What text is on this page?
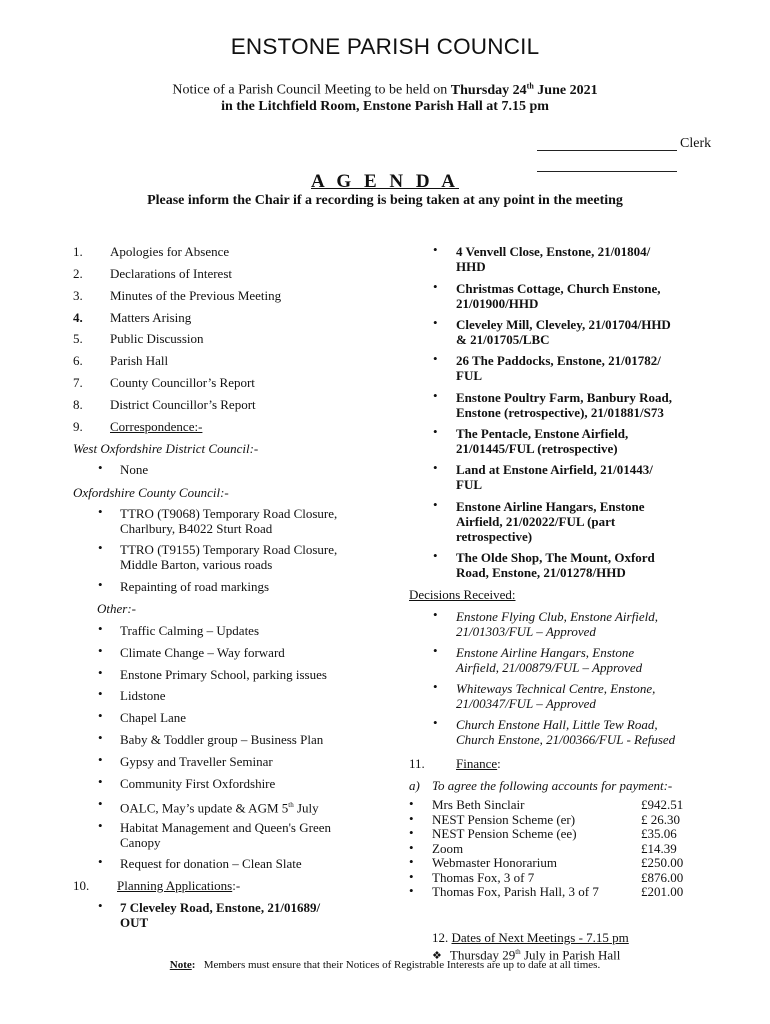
ENSTONE PARISH COUNCIL
Notice of a Parish Council Meeting to be held on Thursday 24th June 2021
in the Litchfield Room, Enstone Parish Hall at 7.15 pm
Clerk
A G E N D A
Please inform the Chair if a recording is being taken at any point in the meeting
1. Apologies for Absence
2. Declarations of Interest
3. Minutes of the Previous Meeting
4. Matters Arising
5. Public Discussion
6. Parish Hall
7. County Councillor’s Report
8. District Councillor’s Report
9. Correspondence:-
West Oxfordshire District Council:-
• None
Oxfordshire County Council:-
• TTRO (T9068) Temporary Road Closure,
Charlbury, B4022 Sturt Road
• TTRO (T9155) Temporary Road Closure,
Middle Barton, various roads
• Repainting of road markings
Other:-
• Traffic Calming – Updates
• Climate Change – Way forward
• Enstone Primary School, parking issues
• Lidstone
• Chapel Lane
• Baby & Toddler group – Business Plan
• Gypsy and Traveller Seminar
• Community First Oxfordshire
• OALC, May’s update & AGM 5th July
• Habitat Management and Queen's Green
Canopy
• Request for donation – Clean Slate
10. Planning Applications:-
• 7 Cleveley Road, Enstone, 21/01689/
OUT
• 4 Venvell Close, Enstone, 21/01804/
HHD
• Christmas Cottage, Church Enstone,
21/01900/HHD
• Cleveley Mill, Cleveley, 21/01704/HHD
& 21/01705/LBC
• 26 The Paddocks, Enstone, 21/01782/
FUL
• Enstone Poultry Farm, Banbury Road,
Enstone (retrospective), 21/01881/S73
• The Pentacle, Enstone Airfield,
21/01445/FUL (retrospective)
• Land at Enstone Airfield, 21/01443/
FUL
• Enstone Airline Hangars, Enstone
Airfield, 21/02022/FUL (part
retrospective)
• The Olde Shop, The Mount, Oxford
Road, Enstone, 21/01278/HHD
Decisions Received:
• Enstone Flying Club, Enstone Airfield,
21/01303/FUL – Approved
• Enstone Airline Hangars, Enstone
Airfield, 21/00879/FUL – Approved
• Whiteways Technical Centre, Enstone,
21/00347/FUL – Approved
• Church Enstone Hall, Little Tew Road,
Church Enstone, 21/00366/FUL - Refused
11. Finance:
a) To agree the following accounts for payment:-
• Mrs Beth Sinclair	£942.51
• NEST Pension Scheme (er)	£ 26.30
• NEST Pension Scheme (ee)	£35.06
• Zoom	£14.39
• Webmaster Honorarium	£250.00
• Thomas Fox, 3 of 7	£876.00
• Thomas Fox, Parish Hall, 3 of 7	£201.00
12. Dates of Next Meetings - 7.15 pm
❖ Thursday 29th July in Parish Hall
Note: Members must ensure that their Notices of Registrable Interests are up to date at all times.
